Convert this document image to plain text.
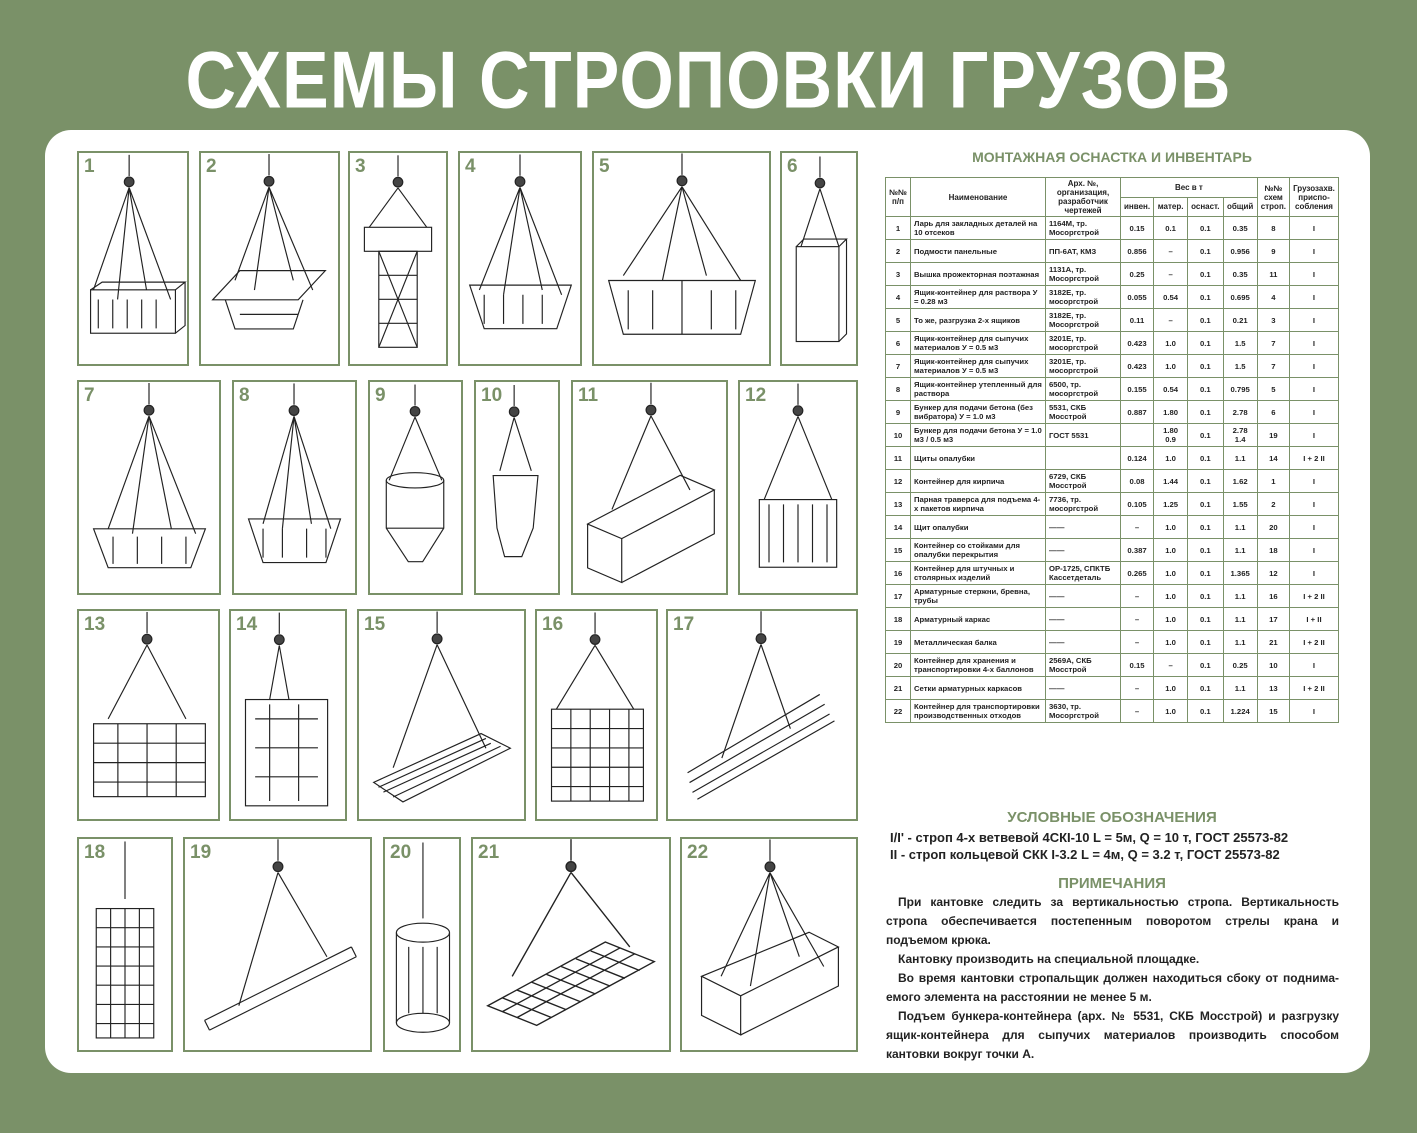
СХЕМЫ СТРОПОВКИ ГРУЗОВ
1	2	3	4	5	6
7	8	9	10	11	12
13	14	15	16	17
18	19	20	21	22
МОНТАЖНАЯ ОСНАСТКА И ИНВЕНТАРЬ
№№ п/п	Наименование	Арх. №, организация, разработчик чертежей	Вес в т				№№ схем строп.	Грузозахв. приспо-собления
			инвен.	матер.	оснаст.	общий		
1	Ларь для закладных деталей на 10 отсеков	1164М, тр. Мосоргстрой	0.15	0.1	0.1	0.35	8	I
2	Подмости панельные	ПП-6АТ, КМЗ	0.856	–	0.1	0.956	9	I
3	Вышка прожекторная поэтажная	1131А, тр. Мосоргстрой	0.25	–	0.1	0.35	11	I
4	Ящик-контейнер для раствора У = 0.28 м3	3182Е, тр. мосоргстрой	0.055	0.54	0.1	0.695	4	I
5	То же, разгрузка 2-х ящиков	3182Е, тр. Мосоргстрой	0.11	–	0.1	0.21	3	I
6	Ящик-контейнер для сыпучих материалов У = 0.5 м3	3201Е, тр. мосоргстрой	0.423	1.0	0.1	1.5	7	I
7	Ящик-контейнер для сыпучих материалов У = 0.5 м3	3201Е, тр. мосоргстрой	0.423	1.0	0.1	1.5	7	I
8	Ящик-контейнер утепленный для раствора	6500, тр. мосоргстрой	0.155	0.54	0.1	0.795	5	I
9	Бункер для подачи бетона (без вибратора) У = 1.0 м3	5531, СКБ Мосстрой	0.887	1.80	0.1	2.78	6	I
10	Бункер для подачи бетона У = 1.0 м3 / 0.5 м3	ГОСТ 5531		1.80 0.9	0.1	2.78 1.4	19	I
11	Щиты опалубки		0.124	1.0	0.1	1.1	14	I + 2 II
12	Контейнер для кирпича	6729, СКБ Мосстрой	0.08	1.44	0.1	1.62	1	I
13	Парная траверса для подъема 4-х пакетов кирпича	7736, тр. мосоргстрой	0.105	1.25	0.1	1.55	2	I
14	Щит опалубки	——	–	1.0	0.1	1.1	20	I
15	Контейнер со стойками для опалубки перекрытия	——	0.387	1.0	0.1	1.1	18	I
16	Контейнер для штучных и столярных изделий	ОР-1725, СПКТБ Кассетдеталь	0.265	1.0	0.1	1.365	12	I
17	Арматурные стержни, бревна, трубы	——	–	1.0	0.1	1.1	16	I + 2 II
18	Арматурный каркас	——	–	1.0	0.1	1.1	17	I + II
19	Металлическая балка	——	–	1.0	0.1	1.1	21	I + 2 II
20	Контейнер для хранения и транспортировки 4-х баллонов	2569А, СКБ Мосстрой	0.15	–	0.1	0.25	10	I
21	Сетки арматурных каркасов	——	–	1.0	0.1	1.1	13	I + 2 II
22	Контейнер для транспортировки производственных отходов	3630, тр. Мосоргстрой	–	1.0	0.1	1.224	15	I
УСЛОВНЫЕ ОБОЗНАЧЕНИЯ
I/I' - строп 4-х ветвевой 4СКI-10 L = 5м, Q = 10 т, ГОСТ 25573-82
II - строп кольцевой СКК I-3.2 L = 4м, Q = 3.2 т, ГОСТ 25573-82
ПРИМЕЧАНИЯ

При кантовке следить за вертикальностью стропа. Вертикальность стропа обеспечивается постепенным поворотом стрелы крана и подъемом крюка.

Кантовку производить на специальной площадке.

Во время кантовки стропальщик должен находиться сбоку от поднима-емого элемента на расстоянии не менее 5 м.

Подъем бункера-контейнера (арх. № 5531, СКБ Мосстрой) и разгрузку ящик-контейнера для сыпучих материалов производить способом кантовки вокруг точки А.
